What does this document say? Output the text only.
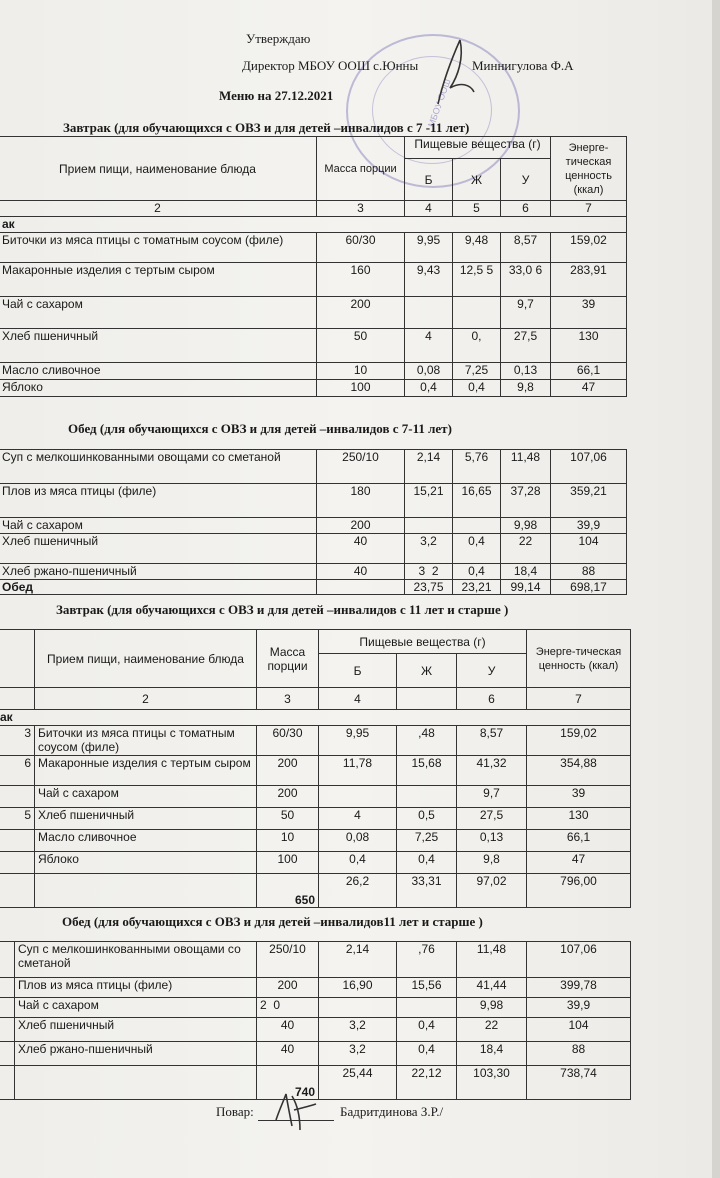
МБОУ ООШ
Утверждаю
Директор МБОУ ООШ с.Юнны	Миннигулова Ф.А
Меню на 27.12.2021
Завтрак (для обучающихся с ОВЗ и для детей –инвалидов с 7 -11 лет)
Прием пищи, наименование блюда	Масса порции	Пищевые вещества (г)			Энерге-тическая ценность (ккал)
		Б	Ж	У	
2	3	4	5	6	7
ак					
Биточки из мяса птицы с томатным соусом (филе)	60/30	9,95	9,48	8,57	159,02
Макаронные изделия с тертым сыром	160	9,43	12,5 5	33,0 6	283,91
Чай с сахаром	200			9,7	39
Хлеб пшеничный	50	4	0,	27,5	130
Масло сливочное	10	0,08	7,25	0,13	66,1
Яблоко	100	0,4	0,4	9,8	47
Обед (для обучающихся с ОВЗ и для детей –инвалидов с 7-11 лет)
Суп с мелкошинкованными овощами со сметаной	250/10	2,14	5,76	11,48	107,06
Плов из мяса птицы (филе)	180	15,21	16,65	37,28	359,21
Чай с сахаром	200			9,98	39,9
Хлеб пшеничный	40	3,2	0,4	22	104
Хлеб ржано-пшеничный	40	3  2	0,4	18,4	88
Обед		23,75	23,21	99,14	698,17
Завтрак (для обучающихся с ОВЗ и для детей –инвалидов с 11 лет и старше )
	Прием пищи, наименование блюда	Масса порции	Пищевые вещества (г)			Энерге-тическая ценность (ккал)
			Б	Ж	У	
	2	3	4		6	7
ак						
3	Биточки из мяса птицы с томатным соусом (филе)	60/30	9,95	,48	8,57	159,02
6	Макаронные изделия с тертым сыром	200	11,78	15,68	41,32	354,88
	Чай с сахаром	200			9,7	39
5	Хлеб пшеничный	50	4	0,5	27,5	130
	Масло сливочное	10	0,08	7,25	0,13	66,1
	Яблоко	100	0,4	0,4	9,8	47
		650	26,2	33,31	97,02	796,00
Обед (для обучающихся с ОВЗ и для детей –инвалидов11 лет и старше )
	Суп с мелкошинкованными овощами со сметаной	250/10	2,14	,76	11,48	107,06
	Плов из мяса птицы (филе)	200	16,90	15,56	41,44	399,78
	Чай с сахаром	2  0			9,98	39,9
	Хлеб пшеничный	40	3,2	0,4	22	104
	Хлеб ржано-пшеничный	40	3,2	0,4	18,4	88
		740	25,44	22,12	103,30	738,74
Повар:	Бадритдинова З.Р./
